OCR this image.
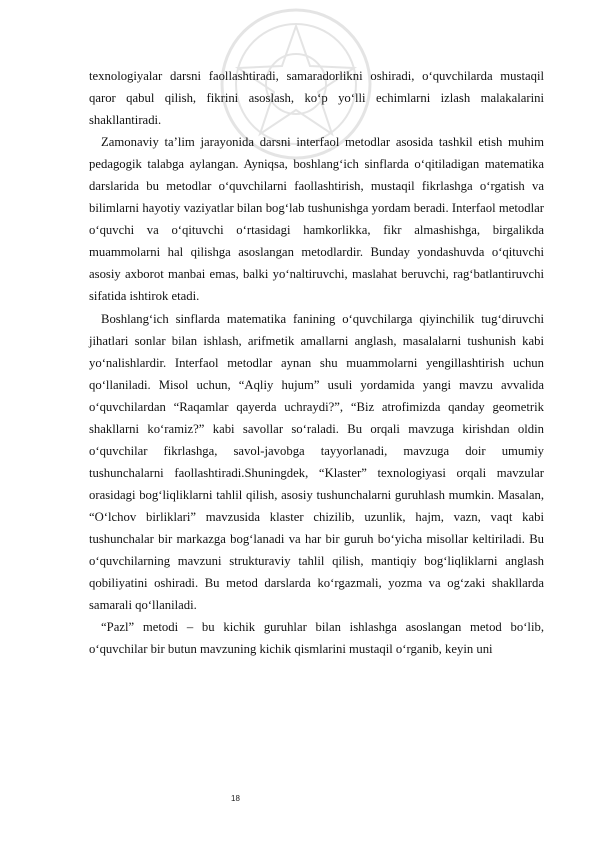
texnologiyalar darsni faollashtiradi, samaradorlikni oshiradi, o‘quvchilarda mustaqil qaror qabul qilish, fikrini asoslash, ko‘p yo‘lli echimlarni izlash malakalarini shakllantiradi.

Zamonaviy ta’lim jarayonida darsni interfaol metodlar asosida tashkil etish muhim pedagogik talabga aylangan. Ayniqsa, boshlang‘ich sinflarda o‘qitiladigan matematika darslarida bu metodlar o‘quvchilarni faollashtirish, mustaqil fikrlashga o‘rgatish va bilimlarni hayotiy vaziyatlar bilan bog‘lab tushunishga yordam beradi. Interfaol metodlar o‘quvchi va o‘qituvchi o‘rtasidagi hamkorlikka, fikr almashishga, birgalikda muammolarni hal qilishga asoslangan metodlardir. Bunday yondashuvda o‘qituvchi asosiy axborot manbai emas, balki yo‘naltiruvchi, maslahat beruvchi, rag‘batlantiruvchi sifatida ishtirok etadi.

Boshlang‘ich sinflarda matematika fanining o‘quvchilarga qiyinchilik tug‘diruvchi jihatlari sonlar bilan ishlash, arifmetik amallarni anglash, masalalarni tushunish kabi yo‘nalishlardir. Interfaol metodlar aynan shu muammolarni yengillashtirish uchun qo‘llaniladi. Misol uchun, “Aqliy hujum” usuli yordamida yangi mavzu avvalida o‘quvchilardan “Raqamlar qayerda uchraydi?”, “Biz atrofimizda qanday geometrik shakllarni ko‘ramiz?” kabi savollar so‘raladi. Bu orqali mavzuga kirishdan oldin o‘quvchilar fikrlashga, savol-javobga tayyorlanadi, mavzuga doir umumiy tushunchalarni faollashtiradi.Shuningdek, “Klaster” texnologiyasi orqali mavzular orasidagi bog‘liqliklarni tahlil qilish, asosiy tushunchalarni guruhlash mumkin. Masalan, “O‘lchov birliklari” mavzusida klaster chizilib, uzunlik, hajm, vazn, vaqt kabi tushunchalar bir markazga bog‘lanadi va har bir guruh bo‘yicha misollar keltiriladi. Bu o‘quvchilarning mavzuni strukturaviy tahlil qilish, mantiqiy bog‘liqliklarni anglash qobiliyatini oshiradi. Bu metod darslarda ko‘rgazmali, yozma va og‘zaki shakllarda samarali qo‘llaniladi.

“Pazl” metodi – bu kichik guruhlar bilan ishlashga asoslangan metod bo‘lib, o‘quvchilar bir butun mavzuning kichik qismlarini mustaqil o‘rganib, keyin uni

18
